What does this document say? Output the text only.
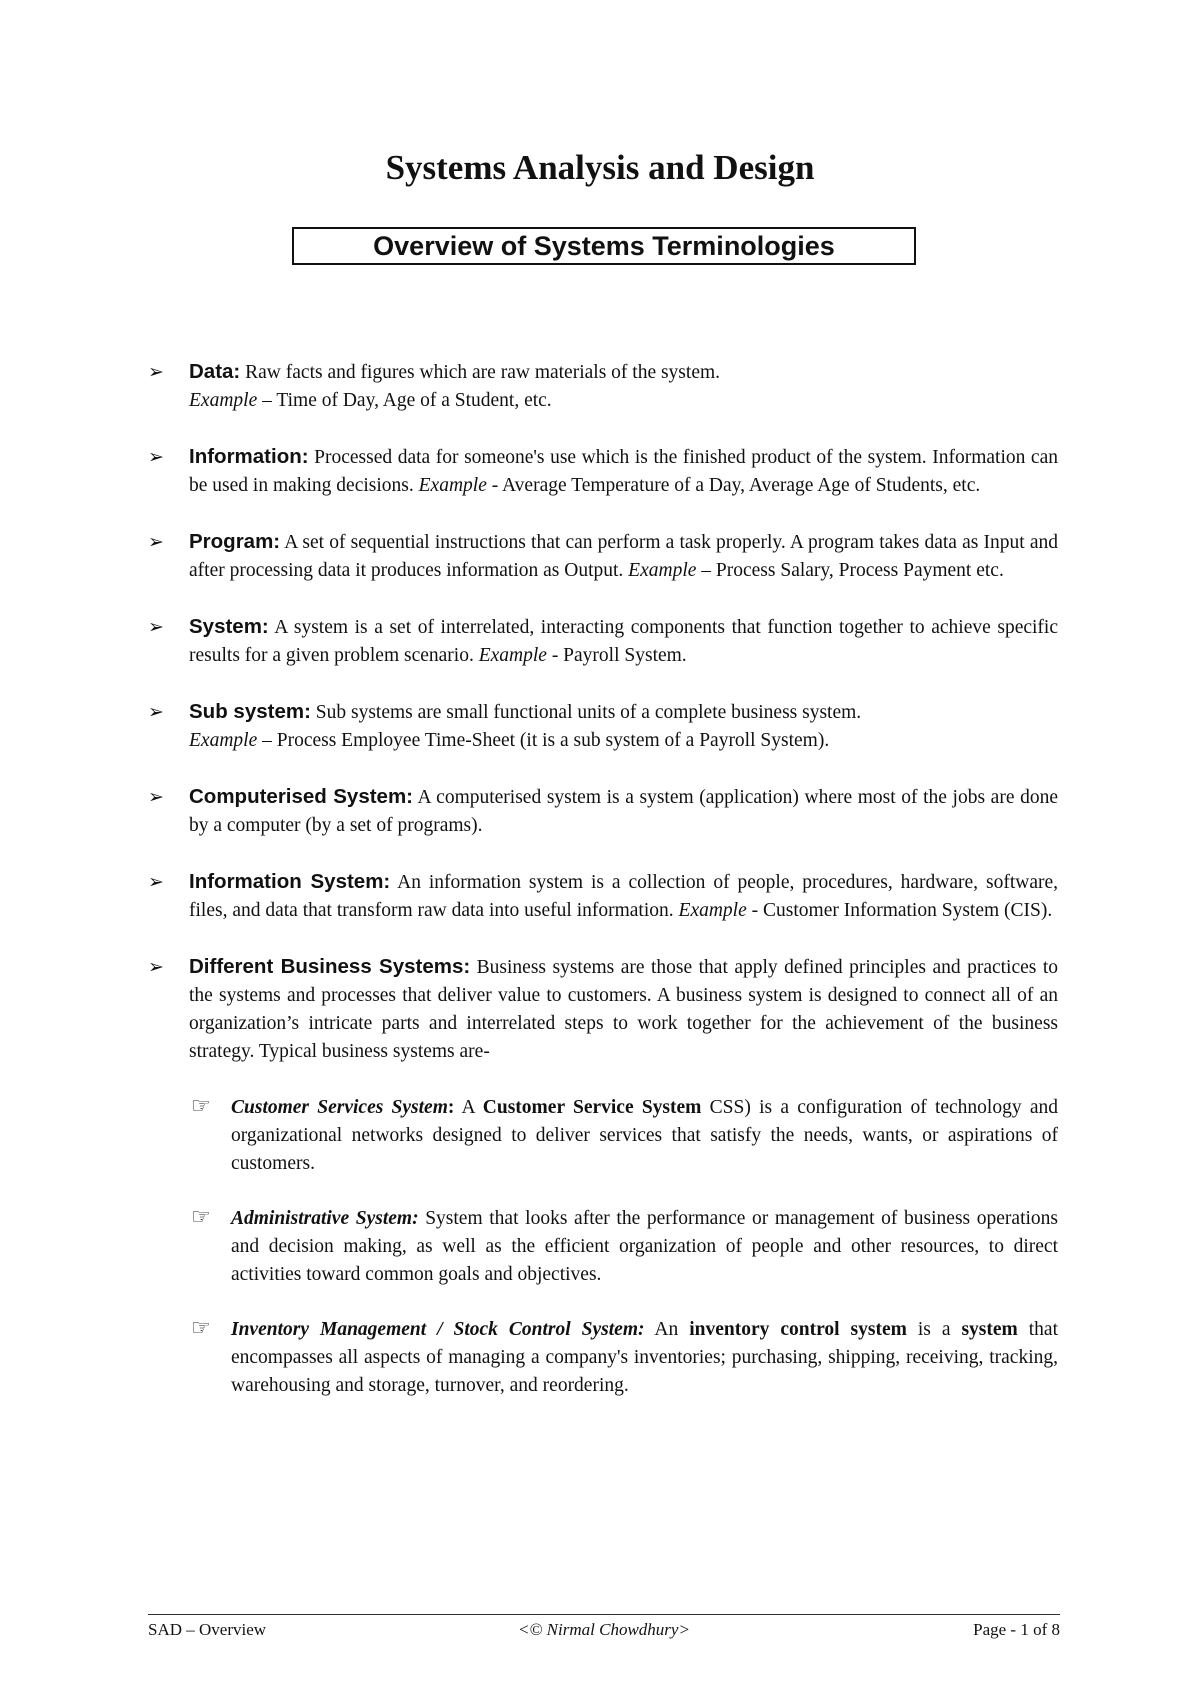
Systems Analysis and Design
Overview of Systems Terminologies
➢ Data: Raw facts and figures which are raw materials of the system.
Example – Time of Day, Age of a Student, etc.
➢ Information: Processed data for someone's use which is the finished product of the system. Information can be used in making decisions. Example - Average Temperature of a Day, Average Age of Students, etc.
➢ Program: A set of sequential instructions that can perform a task properly. A program takes data as Input and after processing data it produces information as Output. Example – Process Salary, Process Payment etc.
➢ System: A system is a set of interrelated, interacting components that function together to achieve specific results for a given problem scenario. Example - Payroll System.
➢ Sub system: Sub systems are small functional units of a complete business system.
Example – Process Employee Time-Sheet (it is a sub system of a Payroll System).
➢ Computerised System: A computerised system is a system (application) where most of the jobs are done by a computer (by a set of programs).
➢ Information System: An information system is a collection of people, procedures, hardware, software, files, and data that transform raw data into useful information. Example - Customer Information System (CIS).
➢ Different Business Systems: Business systems are those that apply defined principles and practices to the systems and processes that deliver value to customers. A business system is designed to connect all of an organization’s intricate parts and interrelated steps to work together for the achievement of the business strategy. Typical business systems are-
☞ Customer Services System: A Customer Service System CSS) is a configuration of technology and organizational networks designed to deliver services that satisfy the needs, wants, or aspirations of customers.
☞ Administrative System: System that looks after the performance or management of business operations and decision making, as well as the efficient organization of people and other resources, to direct activities toward common goals and objectives.
☞ Inventory Management / Stock Control System: An inventory control system is a system that encompasses all aspects of managing a company's inventories; purchasing, shipping, receiving, tracking, warehousing and storage, turnover, and reordering.
SAD – Overview	<© Nirmal Chowdhury>	Page - 1 of 8
